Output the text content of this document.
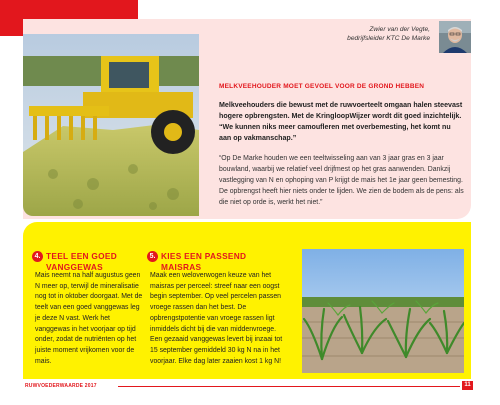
Zwier van der Vegte,
bedrijfsleider KTC De Marke
MELKVEEHOUDER MOET GEVOEL VOOR DE GROND HEBBEN
Melkveehouders die bewust met de ruwvoerteelt omgaan halen steevast hogere opbrengsten. Met de KringloopWijzer wordt dit goed inzichtelijk. “We kunnen niks meer camoufleren met overbemesting, het komt nu aan op vakmanschap.”
“Op De Marke houden we een teeltwisseling aan van 3 jaar gras en 3 jaar bouwland, waarbij we relatief veel drijfmest op het gras aanwenden. Dankzij vastlegging van N en ophoping van P krijgt de mais het 1e jaar geen bemesting. De opbrengst heeft hier niets onder te lijden. We zien de bodem als de pens: als die niet op orde is, werkt het niet.”
4. TEEL EEN GOED VANGGEWAS
Mais neemt na half augustus geen N meer op, terwijl de mineralisatie nog tot in oktober doorgaat. Met de teelt van een goed vanggewas leg je deze N vast. Werk het vanggewas in het voorjaar op tijd onder, zodat de nutriënten op het juiste moment vrijkomen voor de mais.
5. KIES EEN PASSEND MAISRAS
Maak een weloverwogen keuze van het maisras per perceel: streef naar een oogst begin september. Op veel percelen passen vroege rassen dan het best. De opbrengstpotentie van vroege rassen ligt inmiddels dicht bij die van middenvroege. Een gezaaid vanggewas levert bij inzaai tot 15 september gemiddeld 30 kg N na in het voorjaar. Elke dag later zaaien kost 1 kg N!
RUWVOEDERWAARDE 2017	11
